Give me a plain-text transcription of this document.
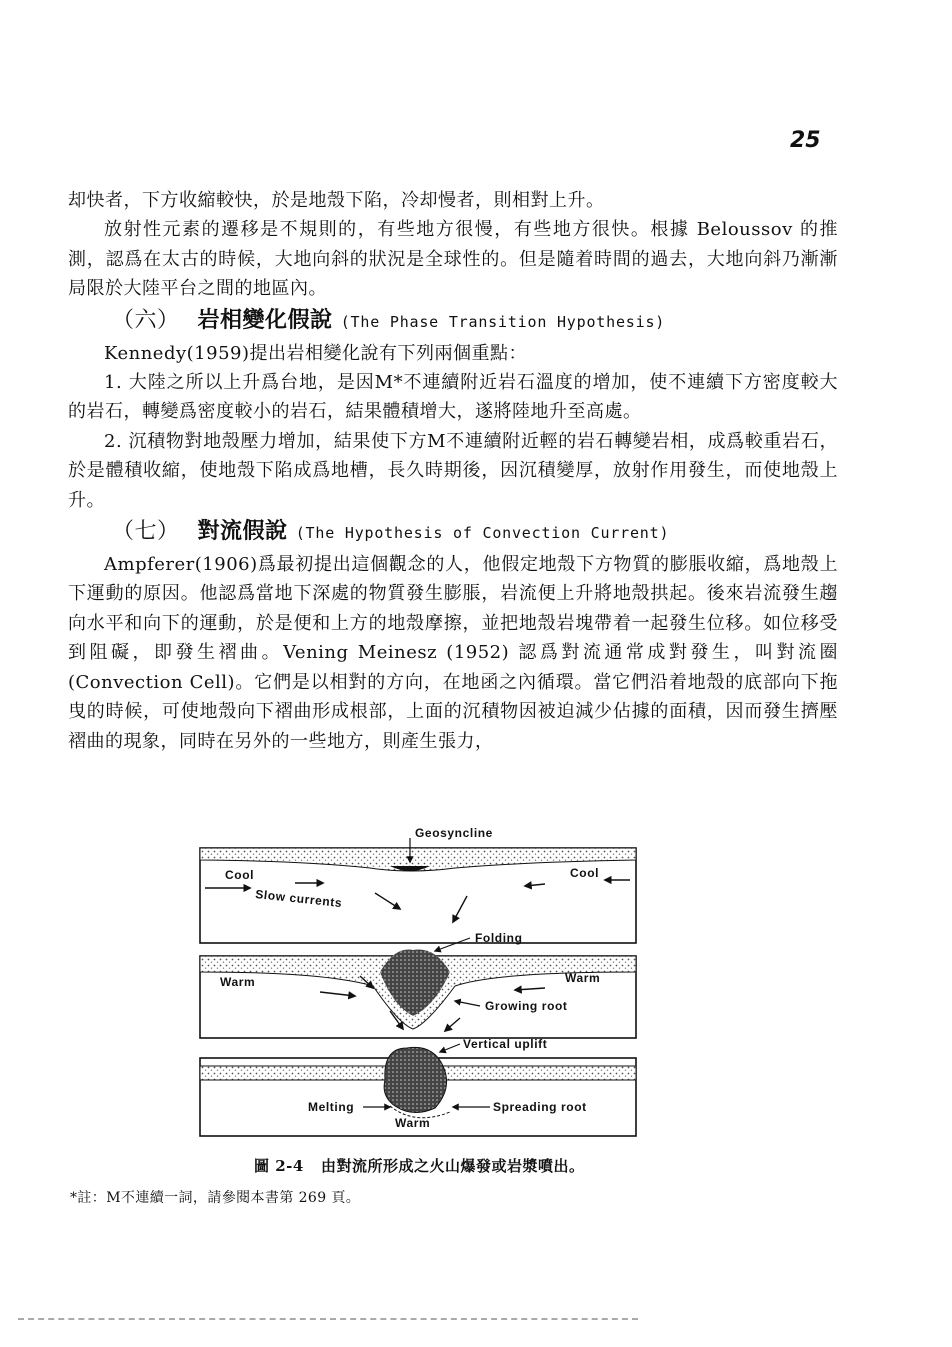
25

却快者，下方收縮較快，於是地殼下陷，冷却慢者，則相對上升。

放射性元素的遷移是不規則的，有些地方很慢，有些地方很快。根據 Beloussov 的推測，認爲在太古的時候，大地向斜的狀況是全球性的。但是隨着時間的過去，大地向斜乃漸漸局限於大陸平台之間的地區內。

（六） 岩相變化假說 (The Phase Transition Hypothesis)

Kennedy(1959)提出岩相變化說有下列兩個重點：

1. 大陸之所以上升爲台地，是因M*不連續附近岩石溫度的增加，使不連續下方密度較大的岩石，轉變爲密度較小的岩石，結果體積增大，遂將陸地升至高處。

2. 沉積物對地殼壓力增加，結果使下方M不連續附近輕的岩石轉變岩相，成爲較重岩石，於是體積收縮，使地殼下陷成爲地槽，長久時期後，因沉積變厚，放射作用發生，而使地殼上升。

（七） 對流假說 (The Hypothesis of Convection Current)

Ampferer(1906)爲最初提出這個觀念的人，他假定地殼下方物質的膨脹收縮，爲地殼上下運動的原因。他認爲當地下深處的物質發生膨脹，岩流便上升將地殼拱起。後來岩流發生趨向水平和向下的運動，於是便和上方的地殼摩擦，並把地殼岩塊帶着一起發生位移。如位移受到阻礙，即發生褶曲。Vening Meinesz (1952) 認爲對流通常成對發生，叫對流圈 (Convection Cell)。它們是以相對的方向，在地函之內循環。當它們沿着地殼的底部向下拖曳的時候，可使地殼向下褶曲形成根部，上面的沉積物因被迫減少佔據的面積，因而發生擠壓褶曲的現象，同時在另外的一些地方，則產生張力，

Geosyncline
Cool	Cool
Slow currents
Folding
Warm	Warm
Growing root
Vertical uplift
Melting	Spreading root
Warm
圖 2-4 由對流所形成之火山爆發或岩漿噴出。
*註：M不連續一詞，請參閱本書第 269 頁。
